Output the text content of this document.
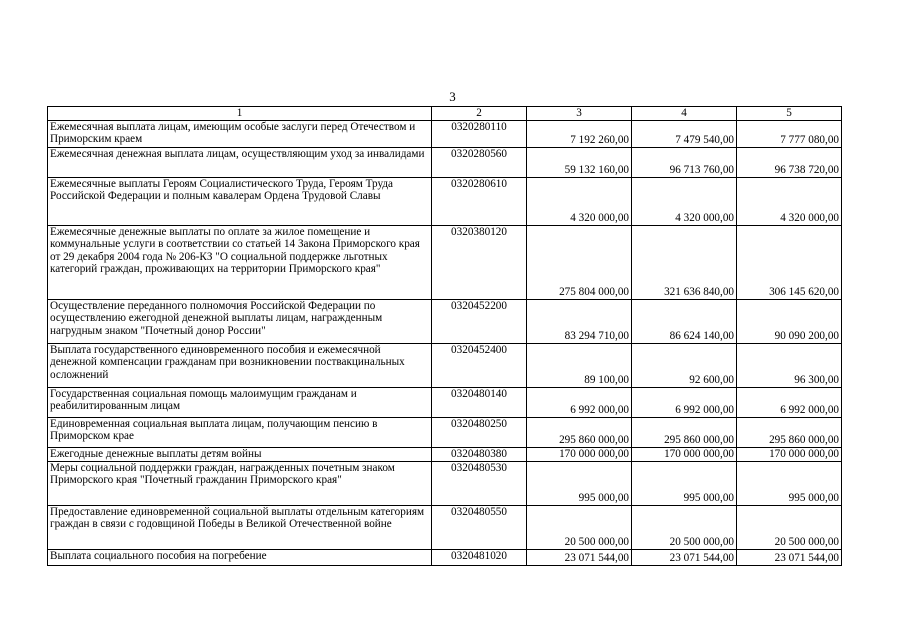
3
1	2	3	4	5
Ежемесячная выплата лицам, имеющим особые заслуги перед Отечеством и Приморским краем	0320280110	7 192 260,00	7 479 540,00	7 777 080,00
Ежемесячная денежная выплата лицам, осуществляющим уход за инвалидами	0320280560	59 132 160,00	96 713 760,00	96 738 720,00
Ежемесячные выплаты Героям Социалистического Труда, Героям Труда Российской Федерации и полным кавалерам Ордена Трудовой Славы	0320280610	4 320 000,00	4 320 000,00	4 320 000,00
Ежемесячные денежные выплаты по оплате за жилое помещение и коммунальные услуги в соответствии со статьей 14 Закона Приморского края от 29 декабря 2004 года № 206-КЗ "О социальной поддержке льготных категорий граждан, проживающих на территории Приморского края"	0320380120	275 804 000,00	321 636 840,00	306 145 620,00
Осуществление переданного полномочия Российской Федерации по осуществлению ежегодной денежной выплаты лицам, награжденным нагрудным знаком "Почетный донор России"	0320452200	83 294 710,00	86 624 140,00	90 090 200,00
Выплата государственного единовременного пособия и ежемесячной денежной компенсации гражданам при возникновении поствакцинальных осложнений	0320452400	89 100,00	92 600,00	96 300,00
Государственная социальная помощь малоимущим гражданам и реабилитированным лицам	0320480140	6 992 000,00	6 992 000,00	6 992 000,00
Единовременная социальная выплата лицам, получающим пенсию в Приморском крае	0320480250	295 860 000,00	295 860 000,00	295 860 000,00
Ежегодные денежные выплаты детям войны	0320480380	170 000 000,00	170 000 000,00	170 000 000,00
Меры социальной поддержки граждан, награжденных почетным знаком Приморского края "Почетный гражданин Приморского края"	0320480530	995 000,00	995 000,00	995 000,00
Предоставление единовременной социальной выплаты отдельным категориям граждан в связи с годовщиной Победы в Великой Отечественной войне	0320480550	20 500 000,00	20 500 000,00	20 500 000,00
Выплата социального пособия на погребение	0320481020	23 071 544,00	23 071 544,00	23 071 544,00
